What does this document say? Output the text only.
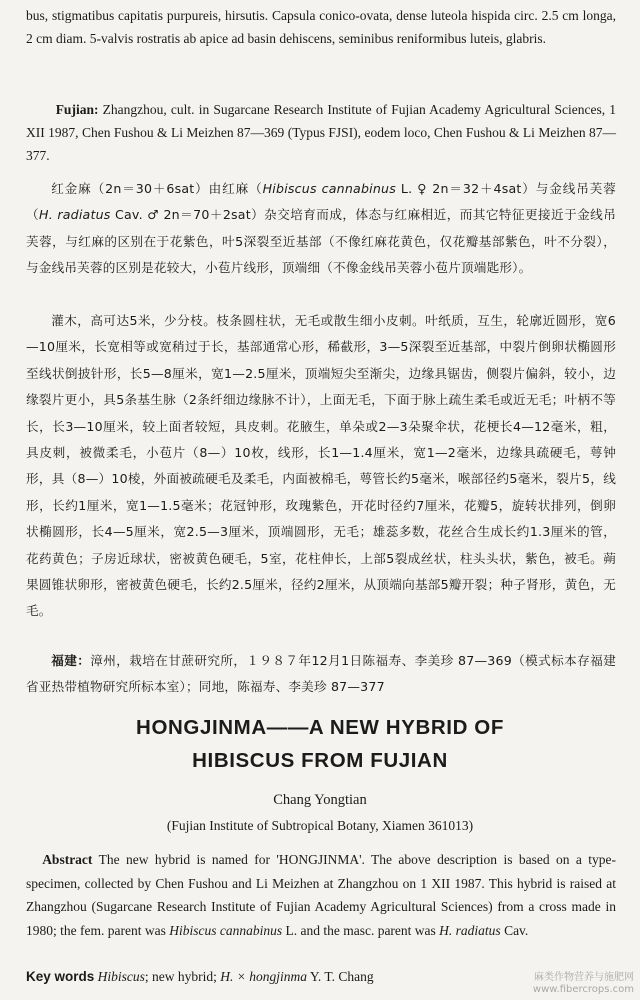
bus, stigmatibus capitatis purpureis, hirsutis. Capsula conico-ovata, dense luteola hispida circ. 2.5 cm longa, 2 cm diam. 5-valvis rostratis ab apice ad basin dehiscens, seminibus reniformibus luteis, glabris.

Fujian: Zhangzhou, cult. in Sugarcane Research Institute of Fujian Academy Agricultural Sciences, 1 XII 1987, Chen Fushou & Li Meizhen 87—369 (Typus FJSI), eodem loco, Chen Fushou & Li Meizhen 87—377.

红金麻（2n＝30＋6sat）由红麻（Hibiscus cannabinus L. ♀ 2n＝32＋4sat）与金线吊芙蓉（H. radiatus Cav. ♂ 2n＝70＋2sat）杂交培育而成，体态与红麻相近，而其它特征更接近于金线吊芙蓉，与红麻的区别在于花紫色，叶5深裂至近基部（不像红麻花黄色，仅花瓣基部紫色，叶不分裂），与金线吊芙蓉的区别是花较大，小苞片线形，顶端细（不像金线吊芙蓉小苞片顶端匙形）。

灌木，高可达5米，少分枝。枝条圆柱状，无毛或散生细小皮刺。叶纸质，互生，轮廓近圆形，宽6—10厘米，长宽相等或宽稍过于长，基部通常心形，稀截形，3—5深裂至近基部，中裂片倒卵状椭圆形至线状倒披针形，长5—8厘米，宽1—2.5厘米，顶端短尖至渐尖，边缘具锯齿，侧裂片偏斜，较小，边缘裂片更小，具5条基生脉（2条纤细边缘脉不计），上面无毛，下面于脉上疏生柔毛或近无毛；叶柄不等长，长3—10厘米，较上面者较短，具皮刺。花腋生，单朵或2—3朵聚伞状，花梗长4—12毫米，粗，具皮刺，被微柔毛，小苞片（8—）10枚，线形，长1—1.4厘米，宽1—2毫米，边缘具疏硬毛，萼钟形，具（8—）10棱，外面被疏硬毛及柔毛，内面被棉毛，萼管长约5毫米，喉部径约5毫米，裂片5，线形，长约1厘米，宽1—1.5毫米；花冠钟形，玫瑰紫色，开花时径约7厘米，花瓣5，旋转状排列，倒卵状椭圆形，长4—5厘米，宽2.5—3厘米，顶端圆形，无毛；雄蕊多数，花丝合生成长约1.3厘米的管，花药黄色；子房近球状，密被黄色硬毛，5室，花柱伸长，上部5裂成丝状，柱头头状，紫色，被毛。蒴果圆锥状卵形，密被黄色硬毛，长约2.5厘米，径约2厘米，从顶端向基部5瓣开裂；种子肾形，黄色，无毛。

福建：漳州，栽培在甘蔗研究所，１９８７年12月1日陈福寿、李美珍 87—369（模式标本存福建省亚热带植物研究所标本室）；同地，陈福寿、李美珍 87—377

HONGJINMA——A NEW HYBRID OF
HIBISCUS FROM FUJIAN
Chang Yongtian
(Fujian Institute of Subtropical Botany, Xiamen 361013)

Abstract The new hybrid is named for 'HONGJINMA'. The above description is based on a type-specimen, collected by Chen Fushou and Li Meizhen at Zhangzhou on 1 XII 1987. This hybrid is raised at Zhangzhou (Sugarcane Research Institute of Fujian Academy Agricultural Sciences) from a cross made in 1980; the fem. parent was Hibiscus cannabinus L. and the masc. parent was H. radiatus Cav.

Key words Hibiscus; new hybrid; H. × hongjinma Y. T. Chang	麻类作物营养与施肥网
www.fibercrops.com
